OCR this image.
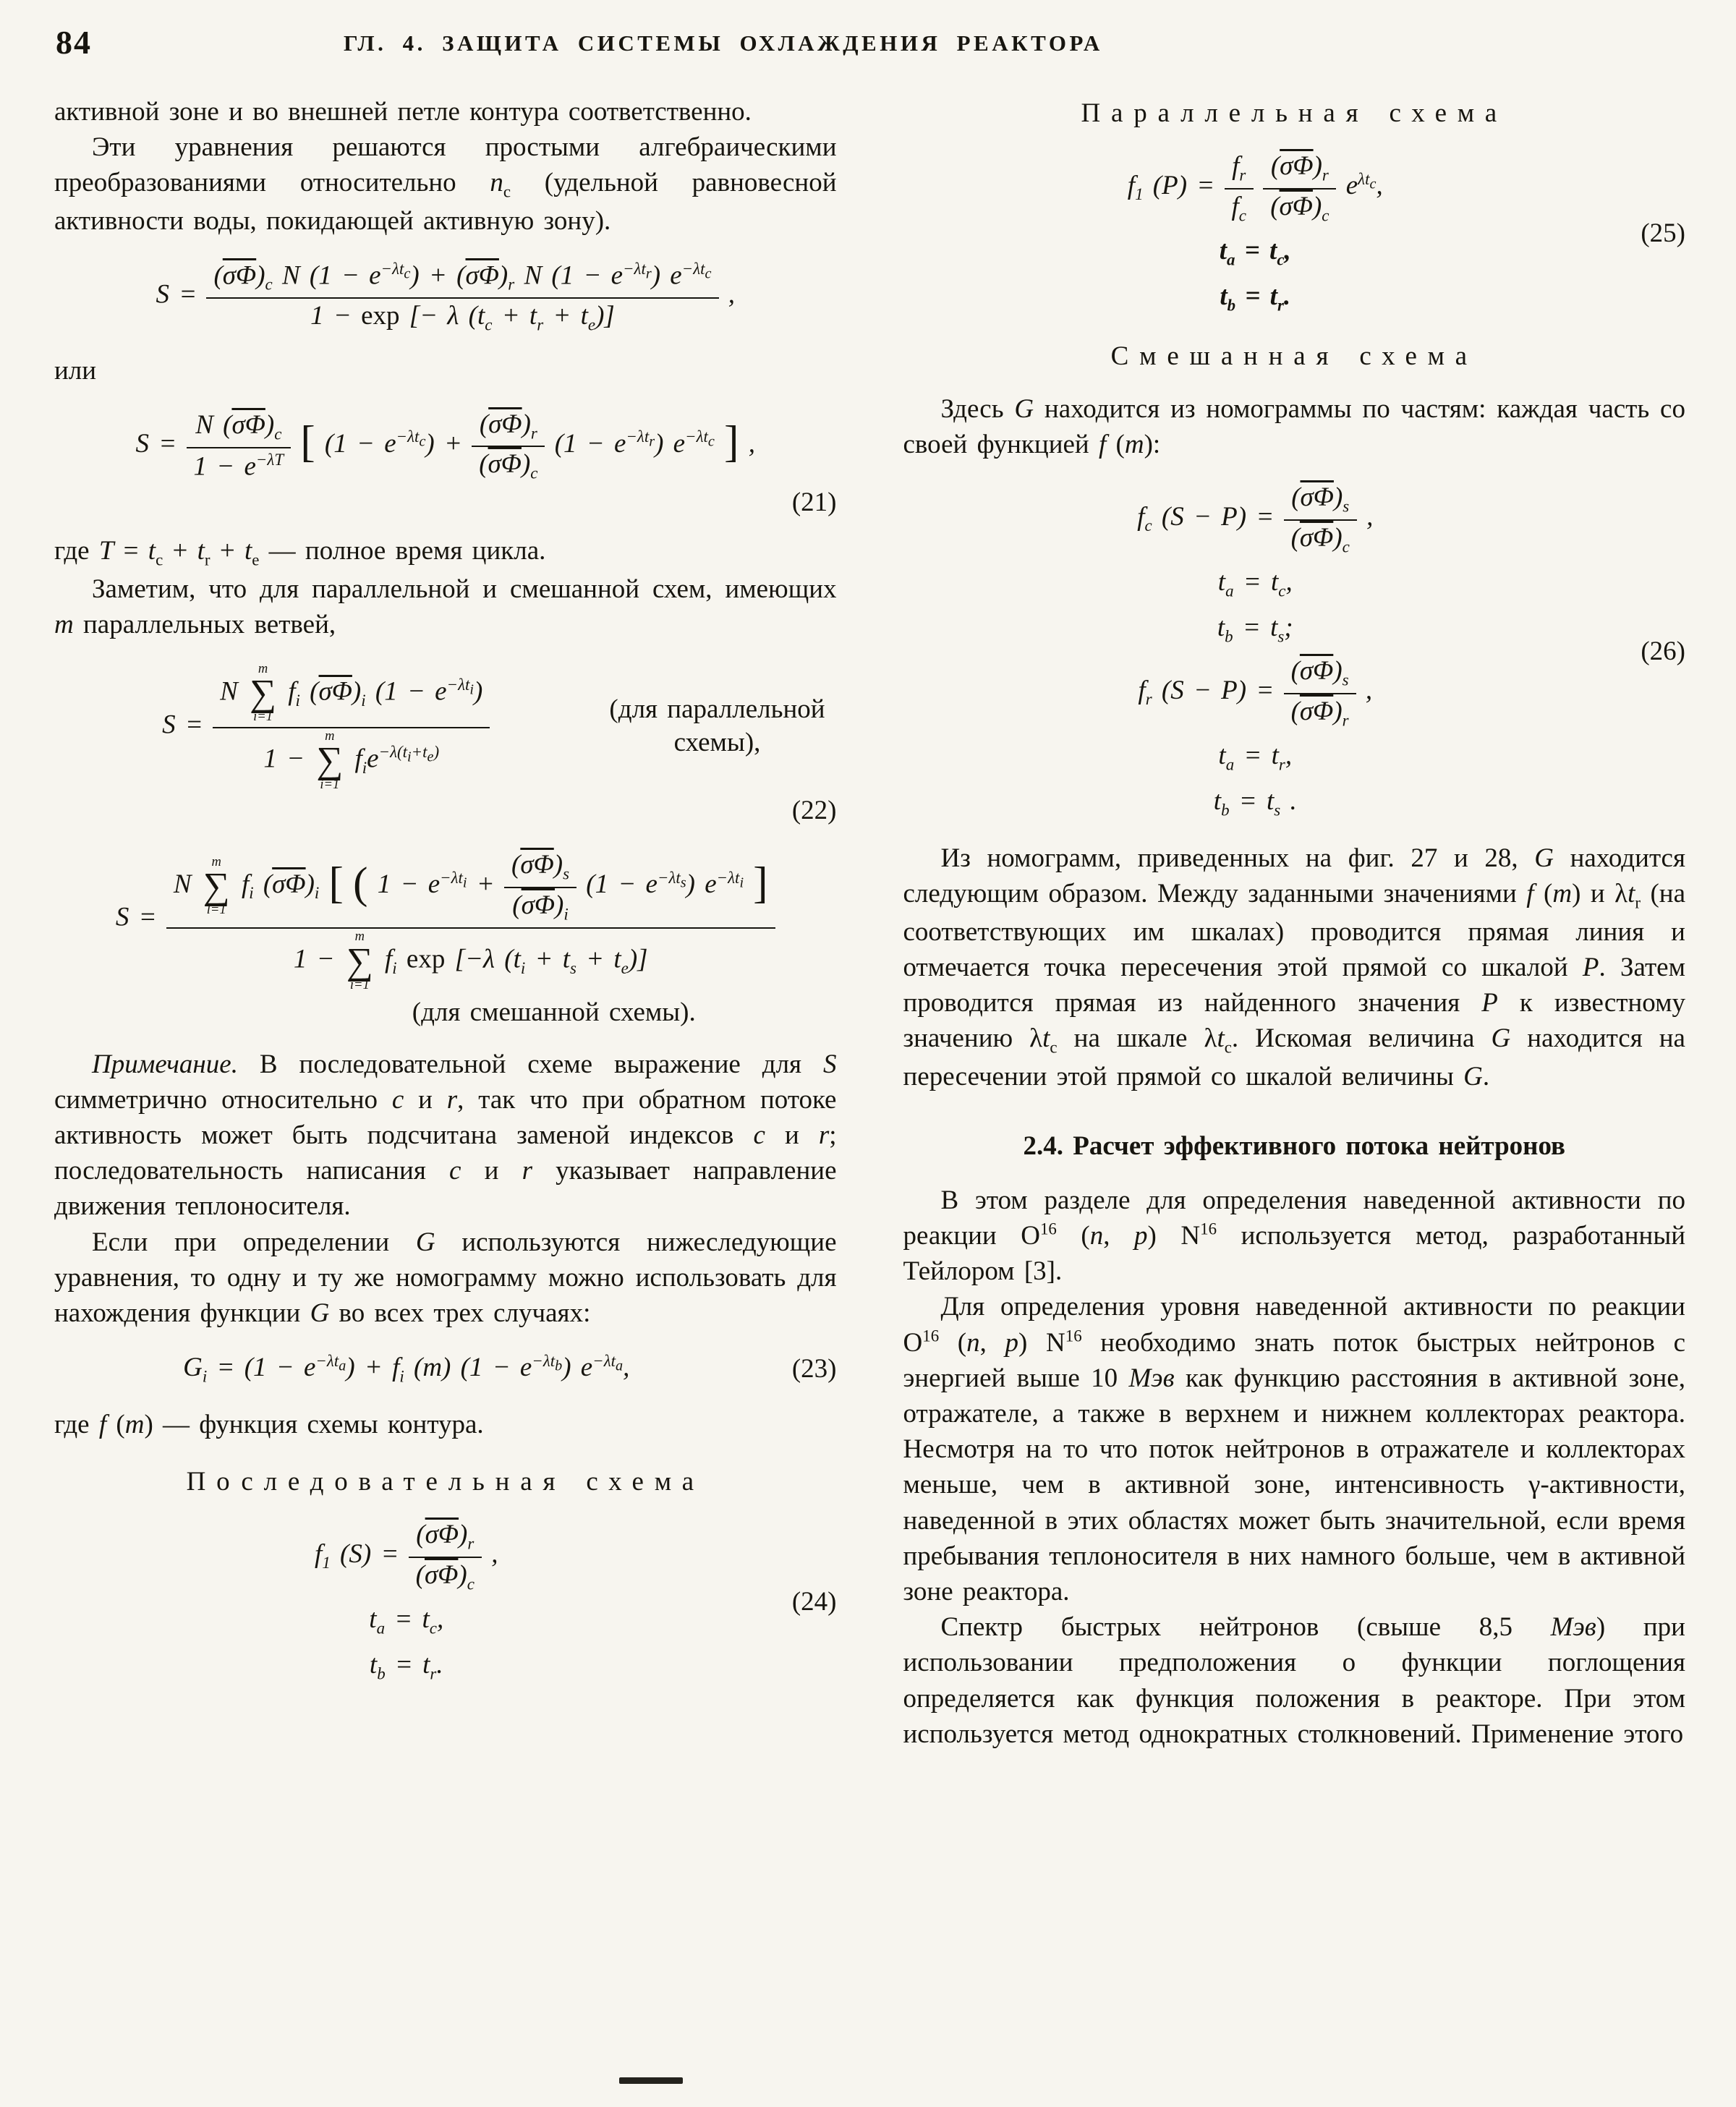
84	ГЛ. 4. ЗАЩИТА СИСТЕМЫ ОХЛАЖДЕНИЯ РЕАКТОРА

активной зоне и во внешней петле контура соответственно.

Эти уравнения решаются простыми алгебраическими преобразованиями относительно $n_c$ (удельной равновесной активности воды, покидающей активную зону).

$S = \frac{(\overline{\sigma\Phi})_c N (1 - e^{-\lambda t_c}) + (\overline{\sigma\Phi})_r N (1 - e^{-\lambda t_r}) e^{-\lambda t_c}}{1 - \exp [- \lambda (t_c + t_r + t_e)]}$ ,

или

$S = \frac{N (\overline{\sigma\Phi})_c}{1 - e^{-\lambda T}}$ [ $(1 - e^{-\lambda t_c}) + \frac{(\overline{\sigma\Phi})_r}{(\overline{\sigma\Phi})_c} (1 - e^{-\lambda t_r})$ $e^{-\lambda t_c}$ ] ,
(21)

где $T = t_c + t_r + t_e$ — полное время цикла.

Заметим, что для параллельной и смешанной схем, имеющих m параллельных ветвей,

S = N
m
∑
i=1
$f_i$ $(\overline{\sigma\Phi})_i$ $(1 - e^{-\lambda t_i})$
1 −
m
∑
i=1
$f_ie^{-\lambda(t_i+t_e)}$	(для параллельной схемы),
(22)
S =
N
m
∑
l=1
$f_i$ $(\overline{\sigma\Phi})_i$ [ ( $1 - e^{-\lambda t_i} + \frac{(\overline{\sigma\Phi})_s}{(\overline{\sigma\Phi})_i} (1 - e^{-\lambda t_s})$ $e^{-\lambda t_i}$ ]
1 −
m
∑
i=1
$f_i$ exp [−λ $(t_i + t_s + t_e)$]
(для смешанной схемы).

Примечание. В последовательной схеме выражение для S симметрично относительно c и r, так что при обратном потоке активность может быть подсчитана заменой индексов c и r; последовательность написания c и r указывает направление движения теплоносителя.

Если при определении G используются нижеследующие уравнения, то одну и ту же номограмму можно использовать для нахождения функции G во всех трех случаях:

$G_i = (1 - e^{-\lambda t_a}) + f_i$ (m) $(1 - e^{-\lambda t_b})$ $e^{-\lambda t_a}$,	(23)

где f (m) — функция схемы контура.

Последовательная схема
$f_1$ $(S) = \frac{(\overline{\sigma\Phi})_r}{(\overline{\sigma\Phi})_c}$ ,
$t_a = t_c$,
$t_b = t_r$.
(24)
Параллельная схема
$f_1$ $(P) = \frac{f_r}{f_c}$
$\frac{(\overline{\sigma\Phi})_r}{(\overline{\sigma\Phi})_c} e^{\lambda t_c}$,
$t_a = t_c$,
$t_b = t_r$.
(25)
Смешанная схема

Здесь G находится из номограммы по частям: каждая часть со своей функцией f (m):

$f_c$ $(S - P) = \frac{(\overline{\sigma\Phi})_s}{(\overline{\sigma\Phi})_c}$ ,
$t_a = t_c$,
$t_b = t_s$;
$f_r$ $(S - P) = \frac{(\overline{\sigma\Phi})_s}{(\overline{\sigma\Phi})_r}$ ,
$t_a = t_r$,
$t_b = t_s$ .
(26)

Из номограмм, приведенных на фиг. 27 и 28, G находится следующим образом. Между заданными значениями f (m) и $\lambda t_r$ (на соответствующих им шкалах) проводится прямая линия и отмечается точка пересечения этой прямой со шкалой P. Затем проводится прямая из найденного значения P к известному значению $\lambda t_c$ на шкале $\lambda t_c$. Искомая величина G находится на пересечении этой прямой со шкалой величины G.

2.4. Расчет эффективного потока нейтронов

В этом разделе для определения наведенной активности по реакции $O^{16}$ (n, p) $N^{16}$ используется метод, разработанный Тейлором [3].

Для определения уровня наведенной активности по реакции $O^{16}$ (n, p) $N^{16}$ необходимо знать поток быстрых нейтронов с энергией выше 10 Мэв как функцию расстояния в активной зоне, отражателе, а также в верхнем и нижнем коллекторах реактора. Несмотря на то что поток нейтронов в отражателе и коллекторах меньше, чем в активной зоне, интенсивность γ-активности, наведенной в этих областях может быть значительной, если время пребывания теплоносителя в них намного больше, чем в активной зоне реактора.

Спектр быстрых нейтронов (свыше 8,5 Мэв) при использовании предположения о функции поглощения определяется как функция положения в реакторе. При этом используется метод однократных столкновений. Применение этого
